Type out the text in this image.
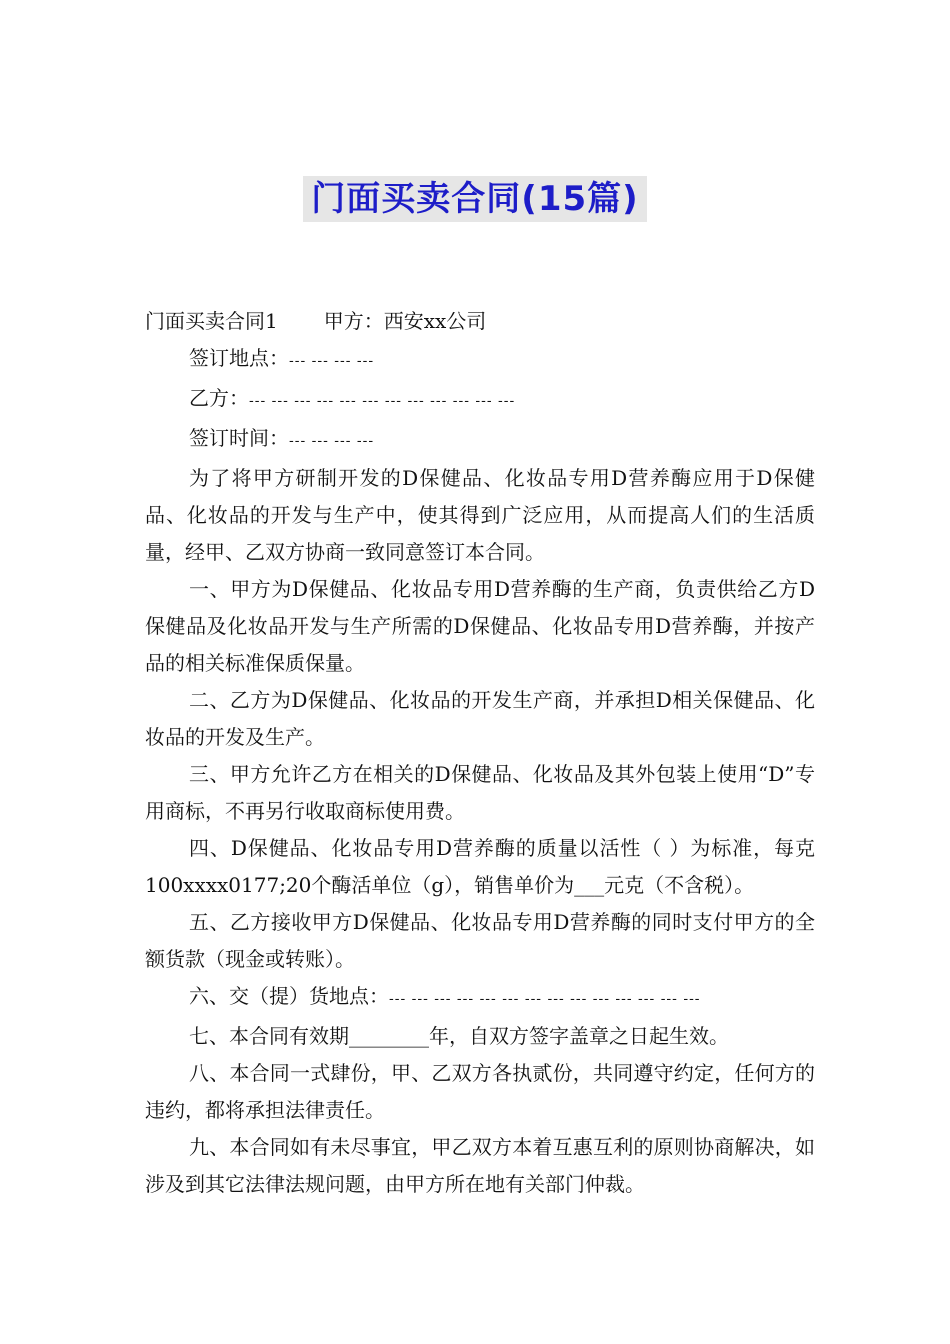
门面买卖合同(15篇)
门面买卖合同1 甲方：西安xx公司
签订地点：--- --- --- ---
乙方：--- --- --- --- --- --- --- --- --- --- --- ---
签订时间：--- --- --- ---
为了将甲方研制开发的D保健品、化妆品专用D营养酶应用于D保健品、化妆品的开发与生产中，使其得到广泛应用，从而提高人们的生活质量，经甲、乙双方协商一致同意签订本合同。
一、甲方为D保健品、化妆品专用D营养酶的生产商，负责供给乙方D保健品及化妆品开发与生产所需的D保健品、化妆品专用D营养酶，并按产品的相关标准保质保量。
二、乙方为D保健品、化妆品的开发生产商，并承担D相关保健品、化妆品的开发及生产。
三、甲方允许乙方在相关的D保健品、化妆品及其外包装上使用“D”专用商标，不再另行收取商标使用费。
四、D保健品、化妆品专用D营养酶的质量以活性（ ）为标准，每克100xxxx0177;20个酶活单位（g），销售单价为___元克（不含税）。
五、乙方接收甲方D保健品、化妆品专用D营养酶的同时支付甲方的全额货款（现金或转账）。
六、交（提）货地点：--- --- --- --- --- --- --- --- --- --- --- --- --- ---
七、本合同有效期________年，自双方签字盖章之日起生效。
八、本合同一式肆份，甲、乙双方各执贰份，共同遵守约定，任何方的违约，都将承担法律责任。
九、本合同如有未尽事宜，甲乙双方本着互惠互利的原则协商解决，如涉及到其它法律法规问题，由甲方所在地有关部门仲裁。
